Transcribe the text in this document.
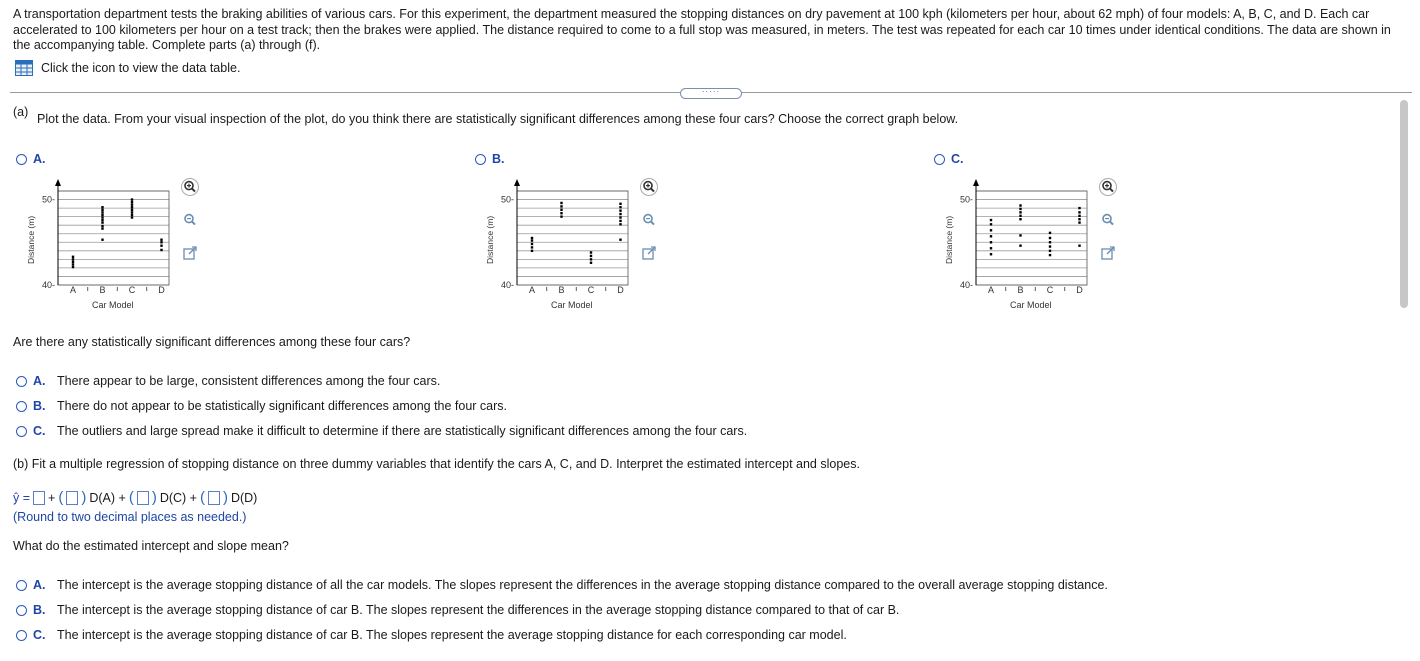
A transportation department tests the braking abilities of various cars. For this experiment, the department measured the stopping distances on dry pavement at 100 kph (kilometers per hour, about 62 mph) of four models: A, B, C, and D. Each car accelerated to 100 kilometers per hour on a test track; then the brakes were applied. The distance required to come to a full stop was measured, in meters. The test was repeated for each car 10 times under identical conditions. The data are shown in the accompanying table. Complete parts (a) through (f).
Click the icon to view the data table.
·····
(a) Plot the data. From your visual inspection of the plot, do you think there are statistically significant differences among these four cars? Choose the correct graph below.
A.
Distance (m)
Car Model
50-
40- A	B	C	D
B.
Distance (m)
Car Model
50-
40- A	B	C	D
C.
Distance (m)
Car Model
50-
40- A	B	C	D
Are there any statistically significant differences among these four cars?
A. There appear to be large, consistent differences among the four cars.
B. There do not appear to be statistically significant differences among the four cars.
C. The outliers and large spread make it difficult to determine if there are statistically significant differences among the four cars.
(b) Fit a multiple regression of stopping distance on three dummy variables that identify the cars A, C, and D. Interpret the estimated intercept and slopes.
ŷ = + ( ) D(A) + ( ) D(C) + ( ) D(D)
(Round to two decimal places as needed.)
What do the estimated intercept and slope mean?
A. The intercept is the average stopping distance of all the car models. The slopes represent the differences in the average stopping distance compared to the overall average stopping distance.
B. The intercept is the average stopping distance of car B. The slopes represent the differences in the average stopping distance compared to that of car B.
C. The intercept is the average stopping distance of car B. The slopes represent the average stopping distance for each corresponding car model.
